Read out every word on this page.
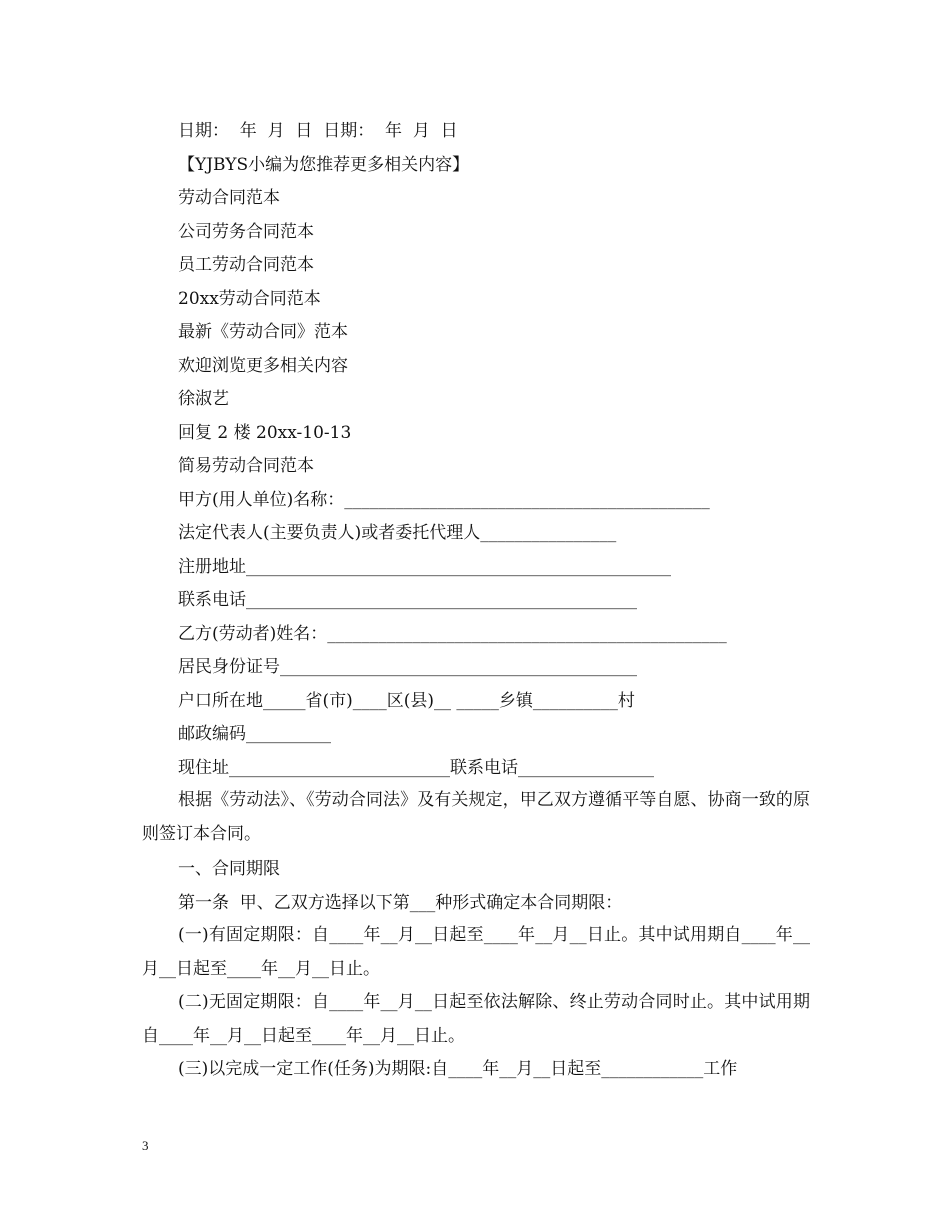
日期：  年  月  日  日期：  年  月  日
【YJBYS小编为您推荐更多相关内容】
劳动合同范本
公司劳务合同范本
员工劳动合同范本
20xx劳动合同范本
最新《劳动合同》范本
欢迎浏览更多相关内容
徐淑艺
回复 2 楼 20xx-10-13
简易劳动合同范本
甲方(用人单位)名称：___________________________________________
法定代表人(主要负责人)或者委托代理人________________
注册地址__________________________________________________
联系电话______________________________________________
乙方(劳动者)姓名：_______________________________________________
居民身份证号__________________________________________
户口所在地_____省(市)____区(县)__ _____乡镇__________村
邮政编码__________
现住址__________________________联系电话________________
根据《劳动法》、《劳动合同法》及有关规定，甲乙双方遵循平等自愿、协商一致的原则签订本合同。
一、合同期限
第一条  甲、乙双方选择以下第___种形式确定本合同期限：
(一)有固定期限：自____年__月__日起至____年__月__日止。其中试用期自____年__月__日起至____年__月__日止。
(二)无固定期限：自____年__月__日起至依法解除、终止劳动合同时止。其中试用期自____年__月__日起至____年__月__日止。
(三)以完成一定工作(任务)为期限:自____年__月__日起至____________工作
3
